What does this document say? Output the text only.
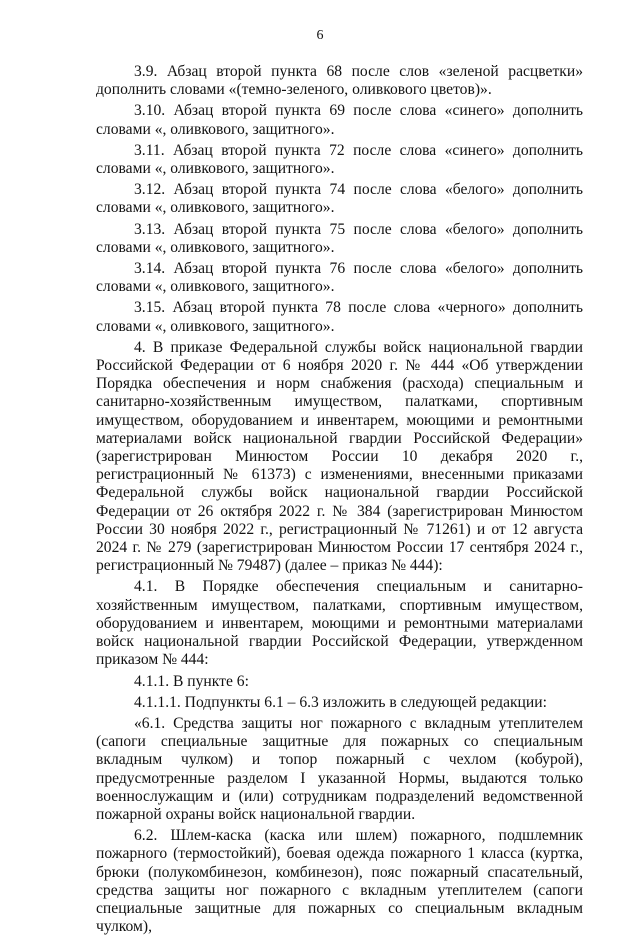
6

3.9. Абзац второй пункта 68 после слов «зеленой расцветки» дополнить словами «(темно-зеленого, оливкового цветов)».

3.10. Абзац второй пункта 69 после слова «синего» дополнить словами «, оливкового, защитного».

3.11. Абзац второй пункта 72 после слова «синего» дополнить словами «, оливкового, защитного».

3.12. Абзац второй пункта 74 после слова «белого» дополнить словами «, оливкового, защитного».

3.13. Абзац второй пункта 75 после слова «белого» дополнить словами «, оливкового, защитного».

3.14. Абзац второй пункта 76 после слова «белого» дополнить словами «, оливкового, защитного».

3.15. Абзац второй пункта 78 после слова «черного» дополнить словами «, оливкового, защитного».

4. В приказе Федеральной службы войск национальной гвардии Российской Федерации от 6 ноября 2020 г. № 444 «Об утверждении Порядка обеспечения и норм снабжения (расхода) специальным и санитарно-хозяйственным имуществом, палатками, спортивным имуществом, оборудованием и инвентарем, моющими и ремонтными материалами войск национальной гвардии Российской Федерации» (зарегистрирован Минюстом России 10 декабря 2020 г., регистрационный № 61373) с изменениями, внесенными приказами Федеральной службы войск национальной гвардии Российской Федерации от 26 октября 2022 г. № 384 (зарегистрирован Минюстом России 30 ноября 2022 г., регистрационный № 71261) и от 12 августа 2024 г. № 279 (зарегистрирован Минюстом России 17 сентября 2024 г., регистрационный № 79487) (далее – приказ № 444):

4.1. В Порядке обеспечения специальным и санитарно-хозяйственным имуществом, палатками, спортивным имуществом, оборудованием и инвентарем, моющими и ремонтными материалами войск национальной гвардии Российской Федерации, утвержденном приказом № 444:

4.1.1. В пункте 6:

4.1.1.1. Подпункты 6.1 – 6.3 изложить в следующей редакции:

«6.1. Средства защиты ног пожарного с вкладным утеплителем (сапоги специальные защитные для пожарных со специальным вкладным чулком) и топор пожарный с чехлом (кобурой), предусмотренные разделом I указанной Нормы, выдаются только военнослужащим и (или) сотрудникам подразделений ведомственной пожарной охраны войск национальной гвардии.

6.2. Шлем-каска (каска или шлем) пожарного, подшлемник пожарного (термостойкий), боевая одежда пожарного 1 класса (куртка, брюки (полукомбинезон, комбинезон), пояс пожарный спасательный, средства защиты ног пожарного с вкладным утеплителем (сапоги специальные защитные для пожарных со специальным вкладным чулком),
